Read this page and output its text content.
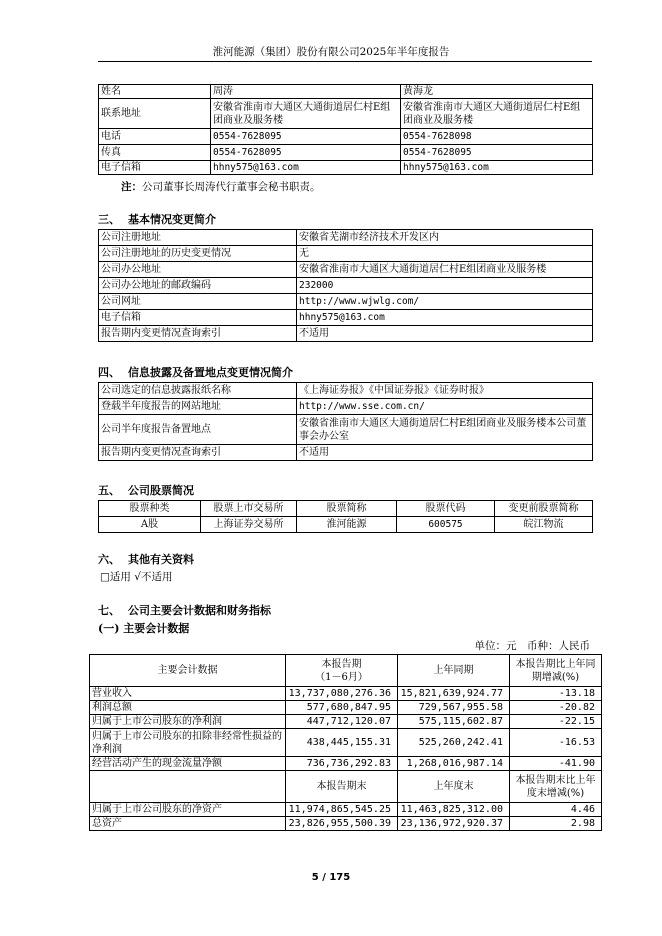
淮河能源（集团）股份有限公司2025年半年度报告
姓名	周涛	黄海龙
联系地址	安徽省淮南市大通区大通街道居仁村E组团商业及服务楼	安徽省淮南市大通区大通街道居仁村E组团商业及服务楼
电话	0554-7628095	0554-7628098
传真	0554-7628095	0554-7628095
电子信箱	hhny575@163.com	hhny575@163.com
注：公司董事长周涛代行董事会秘书职责。
三、 基本情况变更简介
公司注册地址	安徽省芜湖市经济技术开发区内
公司注册地址的历史变更情况	无
公司办公地址	安徽省淮南市大通区大通街道居仁村E组团商业及服务楼
公司办公地址的邮政编码	232000
公司网址	http://www.wjwlg.com/
电子信箱	hhny575@163.com
报告期内变更情况查询索引	不适用
四、 信息披露及备置地点变更情况简介
公司选定的信息披露报纸名称	《上海证券报》《中国证券报》《证券时报》
登载半年度报告的网站地址	http://www.sse.com.cn/
公司半年度报告备置地点	安徽省淮南市大通区大通街道居仁村E组团商业及服务楼本公司董事会办公室
报告期内变更情况查询索引	不适用
五、 公司股票简况
股票种类	股票上市交易所	股票简称	股票代码	变更前股票简称
A股	上海证券交易所	淮河能源	600575	皖江物流
六、 其他有关资料
□适用 √不适用
七、 公司主要会计数据和财务指标
(一) 主要会计数据
单位：元　币种：人民币
主要会计数据	本报告期
（1－6月）	上年同期	本报告期比上年同期增减(%)
营业收入	13,737,080,276.36	15,821,639,924.77	-13.18
利润总额	577,680,847.95	729,567,955.58	-20.82
归属于上市公司股东的净利润	447,712,120.07	575,115,602.87	-22.15
归属于上市公司股东的扣除非经常性损益的净利润	438,445,155.31	525,260,242.41	-16.53
经营活动产生的现金流量净额	736,736,292.83	1,268,016,987.14	-41.90
	本报告期末	上年度末	本报告期末比上年度末增减(%)
归属于上市公司股东的净资产	11,974,865,545.25	11,463,825,312.00	4.46
总资产	23,826,955,500.39	23,136,972,920.37	2.98
5 / 175
